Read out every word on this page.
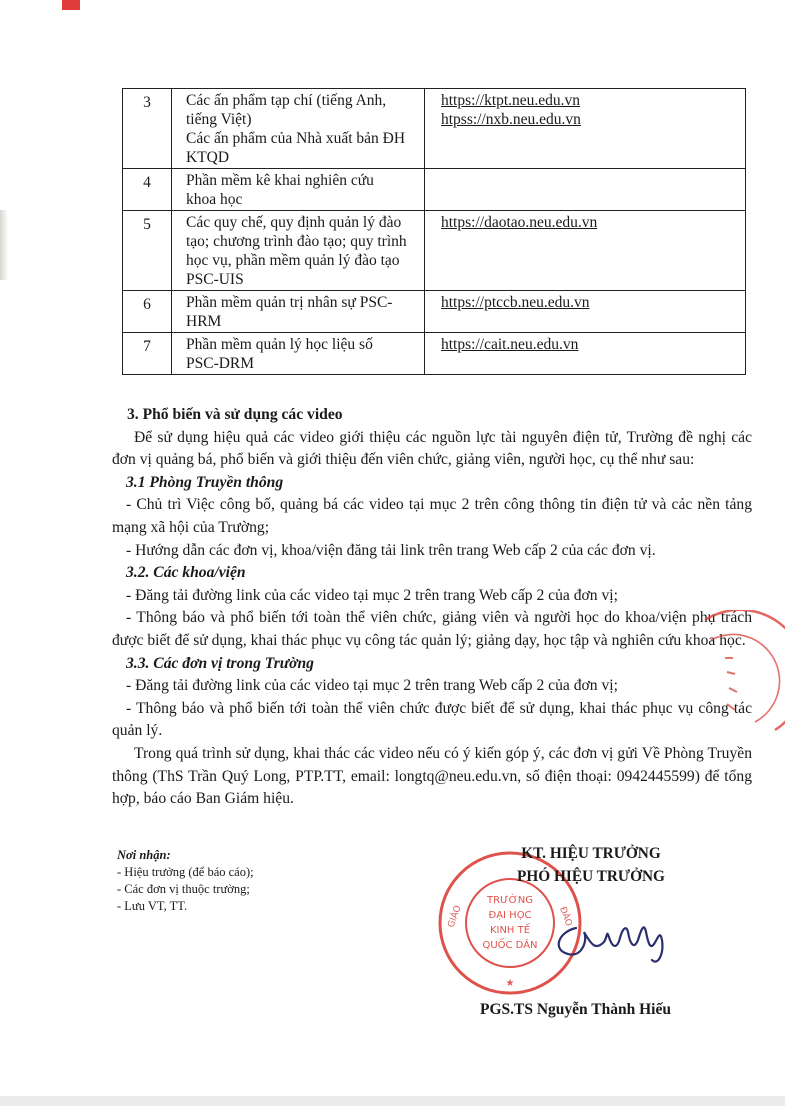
3	Các ấn phẩm tạp chí (tiếng Anh,
tiếng Việt)
Các ấn phẩm của Nhà xuất bản ĐH
KTQD	https://ktpt.neu.edu.vn
htpss://nxb.neu.edu.vn

4	Phần mềm kê khai nghiên cứu
khoa học	

5	Các quy chế, quy định quản lý đào
tạo; chương trình đào tạo; quy trình
học vụ, phần mềm quản lý đào tạo
PSC-UIS	https://daotao.neu.edu.vn

6	Phần mềm quản trị nhân sự PSC-
HRM	https://ptccb.neu.edu.vn

7	Phần mềm quản lý học liệu số
PSC-DRM	https://cait.neu.edu.vn

3. Phổ biến và sử dụng các video

Để sử dụng hiệu quả các video giới thiệu các nguồn lực tài nguyên điện tử, Trường đề nghị các đơn vị quảng bá, phổ biến và giới thiệu đến viên chức, giảng viên, người học, cụ thể như sau:

3.1 Phòng Truyền thông

- Chủ trì Việc công bố, quảng bá các video tại mục 2 trên công thông tin điện tử và cảc nền tảng mạng xã hội của Trường;

- Hướng dẫn các đơn vị, khoa/viện đăng tải link trên trang Web cấp 2 của các đơn vị.

3.2. Các khoa/viện

- Đăng tải đường link của các video tại mục 2 trên trang Web cấp 2 của đơn vị;

- Thông báo và phổ biến tới toàn thể viên chức, giảng viên và người học do khoa/viện phụ trách được biết để sử dụng, khai thác phục vụ công tác quản lý; giảng dạy, học tập và nghiên cứu khoa học.

3.3. Các đơn vị trong Trường

- Đăng tải đường link của các video tại mục 2 trên trang Web cấp 2 của đơn vị;

- Thông báo và phổ biến tới toàn thể viên chức được biết để sử dụng, khai thác phục vụ công tác quản lý.

Trong quá trình sử dụng, khai thác các video nếu có ý kiến góp ý, các đơn vị gửi Về Phòng Truyền thông (ThS Trần Quý Long, PTP.TT, email: longtq@neu.edu.vn, số điện thoại: 0942445599) để tổng hợp, báo cáo Ban Giám hiệu.

Nơi nhận:
- Hiệu trưởng (để báo cáo);
- Các đơn vị thuộc trường;
- Lưu VT, TT.	TRƯỜNG
ĐẠI HỌC
KINH TẾ
QUỐC DÂN
GIÁO	ĐÀO
★
KT. HIỆU TRƯỞNG
PHÓ HIỆU TRƯỞNG
PGS.TS Nguyễn Thành Hiếu
